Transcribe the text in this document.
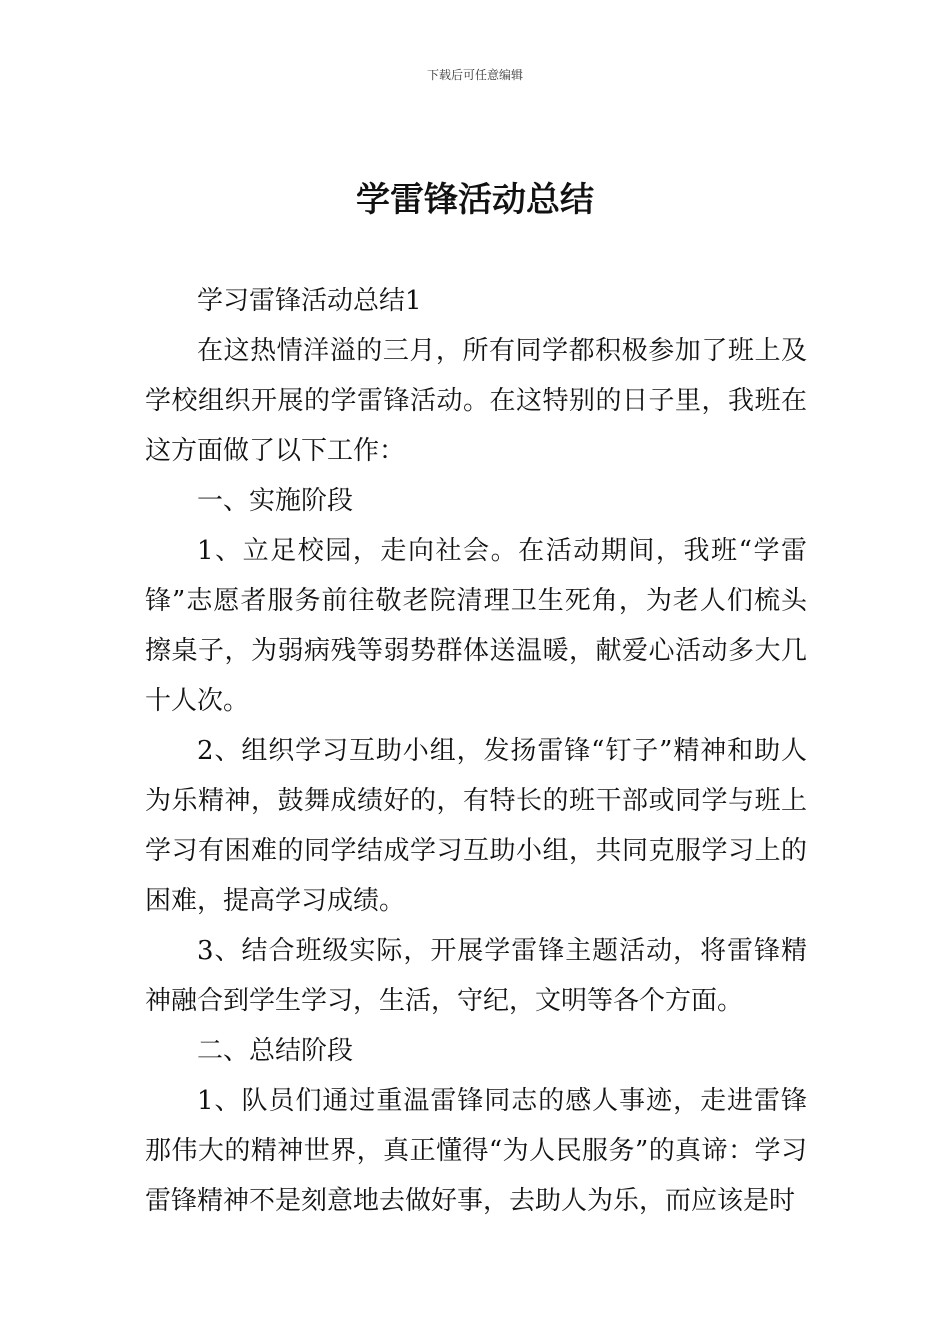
下载后可任意编辑
学雷锋活动总结

学习雷锋活动总结1

在这热情洋溢的三月，所有同学都积极参加了班上及学校组织开展的学雷锋活动。在这特别的日子里，我班在这方面做了以下工作：

一、实施阶段

1、立足校园，走向社会。在活动期间，我班“学雷锋”志愿者服务前往敬老院清理卫生死角，为老人们梳头擦桌子，为弱病残等弱势群体送温暖，献爱心活动多大几十人次。

2、组织学习互助小组，发扬雷锋“钉子”精神和助人为乐精神，鼓舞成绩好的，有特长的班干部或同学与班上学习有困难的同学结成学习互助小组，共同克服学习上的困难，提高学习成绩。

3、结合班级实际，开展学雷锋主题活动，将雷锋精神融合到学生学习，生活，守纪，文明等各个方面。

二、总结阶段

1、队员们通过重温雷锋同志的感人事迹，走进雷锋那伟大的精神世界，真正懂得“为人民服务”的真谛：学习雷锋精神不是刻意地去做好事，去助人为乐，而应该是时
